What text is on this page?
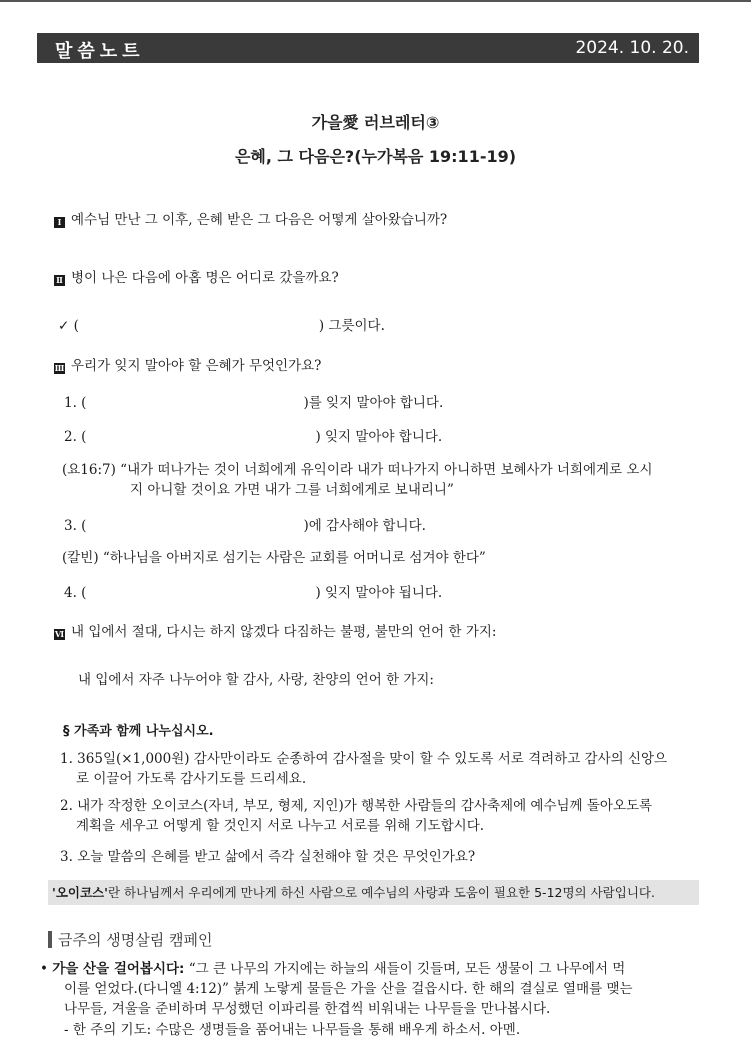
말씀노트	2024. 10. 20.
가을愛 러브레터③
은혜, 그 다음은?(누가복음 19:11-19)
Ⅰ 예수님 만난 그 이후, 은혜 받은 그 다음은 어떻게 살아왔습니까?
Ⅱ 병이 나은 다음에 아홉 명은 어디로 갔을까요?
✓ (	) 그릇이다.
Ⅲ 우리가 잊지 말아야 할 은혜가 무엇인가요?
1. (	)를 잊지 말아야 합니다.
2. (	) 잊지 말아야 합니다.
(요16:7) “내가 떠나가는 것이 너희에게 유익이라 내가 떠나가지 아니하면 보혜사가 너희에게로 오시
지 아니할 것이요 가면 내가 그를 너희에게로 보내리니”
3. (	)에 감사해야 합니다.
(칼빈) “하나님을 아버지로 섬기는 사람은 교회를 어머니로 섬겨야 한다”
4. (	) 잊지 말아야 됩니다.
Ⅵ 내 입에서 절대, 다시는 하지 않겠다 다짐하는 불평, 불만의 언어 한 가지:
내 입에서 자주 나누어야 할 감사, 사랑, 찬양의 언어 한 가지:
§ 가족과 함께 나누십시오.
1. 365일(×1,000원) 감사만이라도 순종하여 감사절을 맞이 할 수 있도록 서로 격려하고 감사의 신앙으
로 이끌어 가도록 감사기도를 드리세요.
2. 내가 작정한 오이코스(자녀, 부모, 형제, 지인)가 행복한 사람들의 감사축제에 예수님께 돌아오도록
계획을 세우고 어떻게 할 것인지 서로 나누고 서로를 위해 기도합시다.
3. 오늘 말씀의 은혜를 받고 삶에서 즉각 실천해야 할 것은 무엇인가요?
'오이코스'란 하나님께서 우리에게 만나게 하신 사람으로 예수님의 사랑과 도움이 필요한 5-12명의 사람입니다.
금주의 생명살림 캠페인
• 가을 산을 걸어봅시다: “그 큰 나무의 가지에는 하늘의 새들이 깃들며, 모든 생물이 그 나무에서 먹
이를 얻었다.(다니엘 4:12)” 붉게 노랗게 물들은 가을 산을 걸읍시다. 한 해의 결실로 열매를 맺는
나무들, 겨울을 준비하며 무성했던 이파리를 한겹씩 비워내는 나무들을 만나봅시다.
- 한 주의 기도: 수많은 생명들을 품어내는 나무들을 통해 배우게 하소서. 아멘.
